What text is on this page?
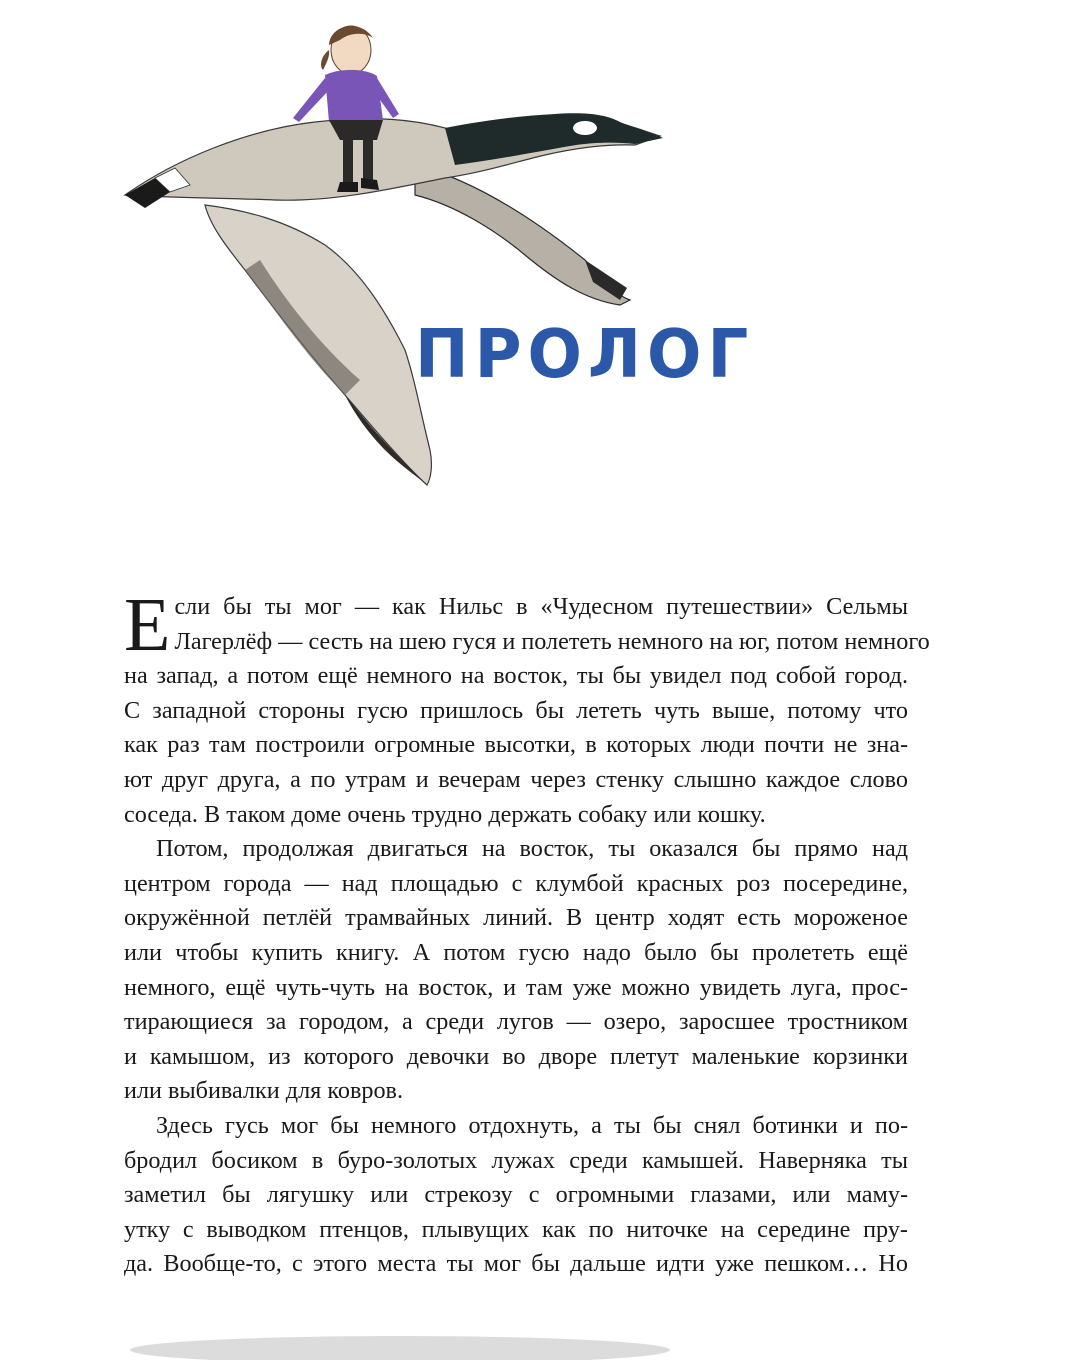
ПРОЛОГ
Е сли бы ты мог — как Нильс в «Чудесном путешествии» Сельмы
Лагерлёф — сесть на шею гуся и полететь немного на юг, потом немного
на запад, а потом ещё немного на восток, ты бы увидел под собой город.
С западной стороны гусю пришлось бы лететь чуть выше, потому что
как раз там построили огромные высотки, в которых люди почти не зна-
ют друг друга, а по утрам и вечерам через стенку слышно каждое слово
соседа. В таком доме очень трудно держать собаку или кошку.
Потом, продолжая двигаться на восток, ты оказался бы прямо над
центром города — над площадью с клумбой красных роз посередине,
окружённой петлёй трамвайных линий. В центр ходят есть мороженое
или чтобы купить книгу. А потом гусю надо было бы пролететь ещё
немного, ещё чуть-чуть на восток, и там уже можно увидеть луга, прос-
тирающиеся за городом, а среди лугов — озеро, заросшее тростником
и камышом, из которого девочки во дворе плетут маленькие корзинки
или выбивалки для ковров.
Здесь гусь мог бы немного отдохнуть, а ты бы снял ботинки и по-
бродил босиком в буро-золотых лужах среди камышей. Наверняка ты
заметил бы лягушку или стрекозу с огромными глазами, или маму-
утку с выводком птенцов, плывущих как по ниточке на середине пру-
да. Вообще-то, с этого места ты мог бы дальше идти уже пешком… Но
